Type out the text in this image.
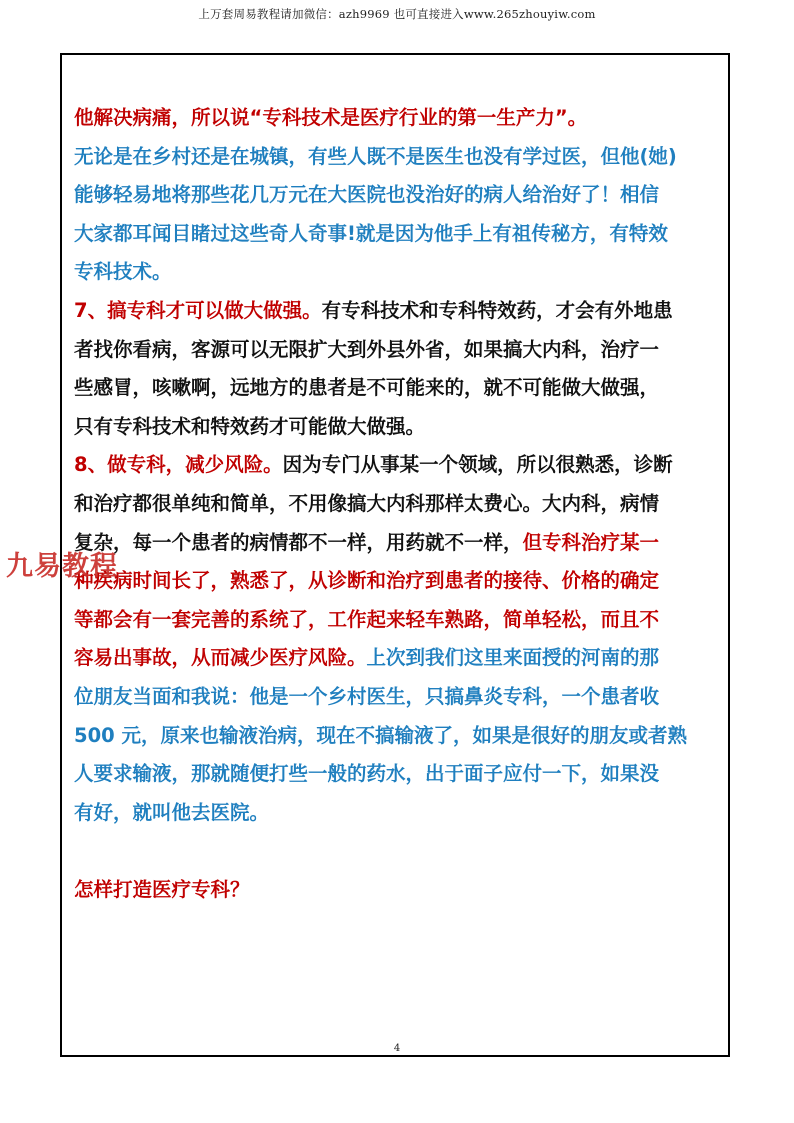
上万套周易教程请加微信：azh9969 也可直接进入www.265zhouyiw.com
他解决病痛，所以说“专科技术是医疗行业的第一生产力”。
无论是在乡村还是在城镇，有些人既不是医生也没有学过医，但他(她)
能够轻易地将那些花几万元在大医院也没治好的病人给治好了！相信
大家都耳闻目睹过这些奇人奇事!就是因为他手上有祖传秘方，有特效
专科技术。
7、搞专科才可以做大做强。有专科技术和专科特效药，才会有外地患
者找你看病，客源可以无限扩大到外县外省，如果搞大内科，治疗一
些感冒，咳嗽啊，远地方的患者是不可能来的，就不可能做大做强，
只有专科技术和特效药才可能做大做强。
8、做专科，减少风险。因为专门从事某一个领域，所以很熟悉，诊断
和治疗都很单纯和简单，不用像搞大内科那样太费心。大内科，病情
复杂，每一个患者的病情都不一样，用药就不一样，但专科治疗某一
种疾病时间长了，熟悉了，从诊断和治疗到患者的接待、价格的确定
等都会有一套完善的系统了，工作起来轻车熟路，简单轻松，而且不
容易出事故，从而减少医疗风险。上次到我们这里来面授的河南的那
位朋友当面和我说：他是一个乡村医生，只搞鼻炎专科，一个患者收
500 元，原来也输液治病，现在不搞输液了，如果是很好的朋友或者熟
人要求输液，那就随便打些一般的药水，出于面子应付一下，如果没
有好，就叫他去医院。
怎样打造医疗专科？
九易教程
4
